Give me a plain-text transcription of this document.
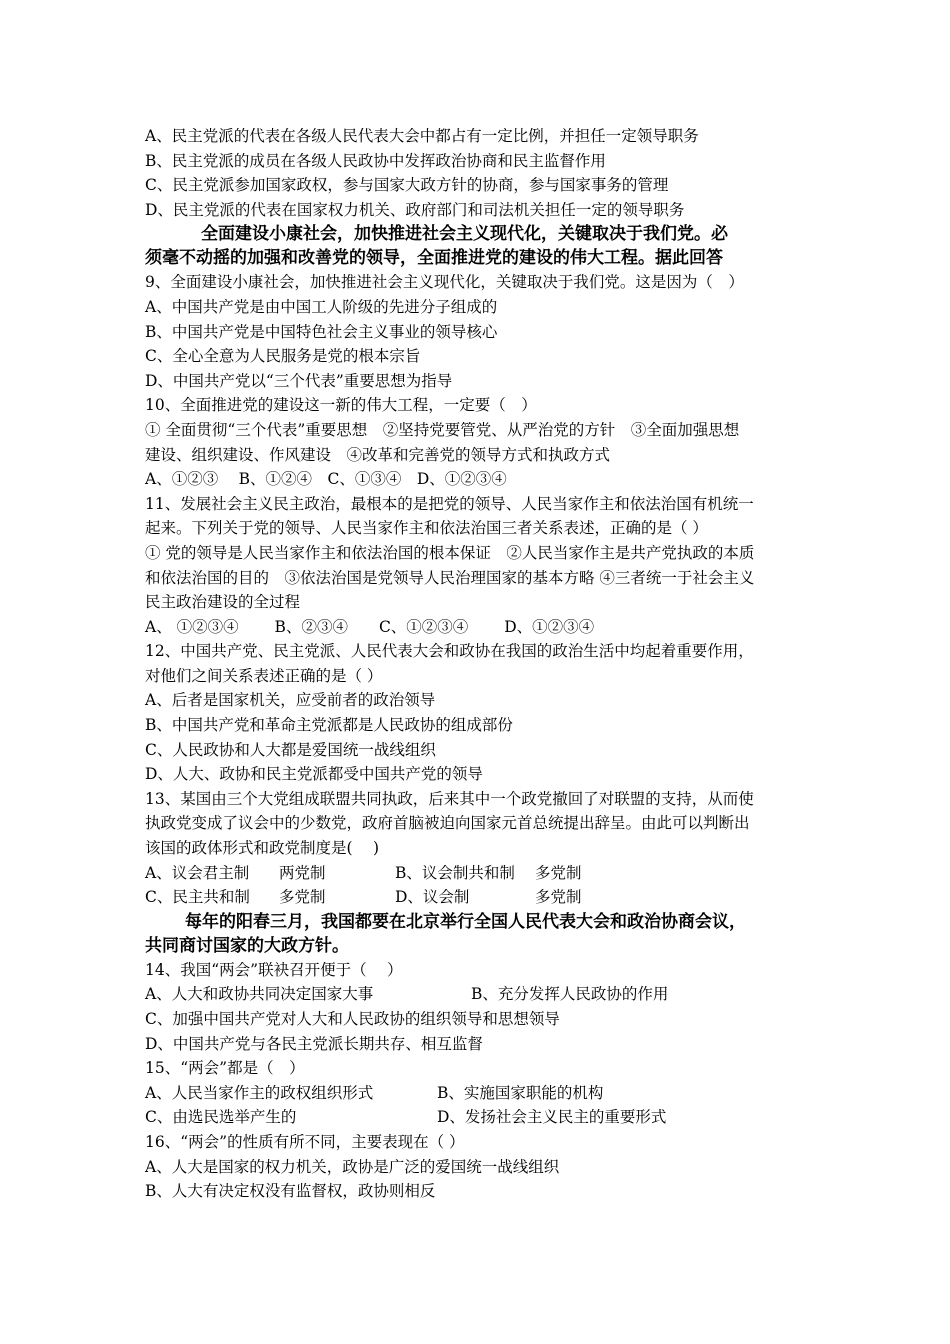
A、民主党派的代表在各级人民代表大会中都占有一定比例，并担任一定领导职务
B、民主党派的成员在各级人民政协中发挥政治协商和民主监督作用
C、民主党派参加国家政权，参与国家大政方针的协商，参与国家事务的管理
D、民主党派的代表在国家权力机关、政府部门和司法机关担任一定的领导职务
全面建设小康社会，加快推进社会主义现代化，关键取决于我们党。必
须毫不动摇的加强和改善党的领导，全面推进党的建设的伟大工程。据此回答
9、全面建设小康社会，加快推进社会主义现代化，关键取决于我们党。这是因为（　）
A、中国共产党是由中国工人阶级的先进分子组成的
B、中国共产党是中国特色社会主义事业的领导核心
C、全心全意为人民服务是党的根本宗旨
D、中国共产党以“三个代表”重要思想为指导
10、全面推进党的建设这一新的伟大工程，一定要（　）
① 全面贯彻“三个代表”重要思想　②坚持党要管党、从严治党的方针　③全面加强思想
建设、组织建设、作风建设　④改革和完善党的领导方式和执政方式
A、①②③　 B、①②④　C、①③④　D、①②③④
11、发展社会主义民主政治，最根本的是把党的领导、人民当家作主和依法治国有机统一
起来。下列关于党的领导、人民当家作主和依法治国三者关系表述，正确的是（ ）
① 党的领导是人民当家作主和依法治国的根本保证　②人民当家作主是共产党执政的本质
和依法治国的目的　③依法治国是党领导人民治理国家的基本方略 ④三者统一于社会主义
民主政治建设的全过程
A、 ①②③④　　 B、②③④　　C、①②③④　　 D、①②③④
12、中国共产党、民主党派、人民代表大会和政协在我国的政治生活中均起着重要作用，
对他们之间关系表述正确的是（ ）
A、后者是国家机关，应受前者的政治领导
B、中国共产党和革命主党派都是人民政协的组成部份
C、人民政协和人大都是爱国统一战线组织
D、人大、政协和民主党派都受中国共产党的领导
13、某国由三个大党组成联盟共同执政，后来其中一个政党撤回了对联盟的支持，从而使
执政党变成了议会中的少数党，政府首脑被迫向国家元首总统提出辞呈。由此可以判断出
该国的政体形式和政党制度是(　 )
A、议会君主制 两党制	B、议会制共和制 多党制
C、民主共和制 多党制	D、议会制	多党制
每年的阳春三月，我国都要在北京举行全国人民代表大会和政治协商会议，
共同商讨国家的大政方针。
14、我国“两会”联袂召开便于（　 ）
A、人大和政协共同决定国家大事	B、充分发挥人民政协的作用
C、加强中国共产党对人大和人民政协的组织领导和思想领导
D、中国共产党与各民主党派长期共存、相互监督
15、“两会”都是（　）
A、人民当家作主的政权组织形式	B、实施国家职能的机构
C、由选民选举产生的	D、发扬社会主义民主的重要形式
16、“两会”的性质有所不同，主要表现在（ ）
A、人大是国家的权力机关，政协是广泛的爱国统一战线组织
B、人大有决定权没有监督权，政协则相反
